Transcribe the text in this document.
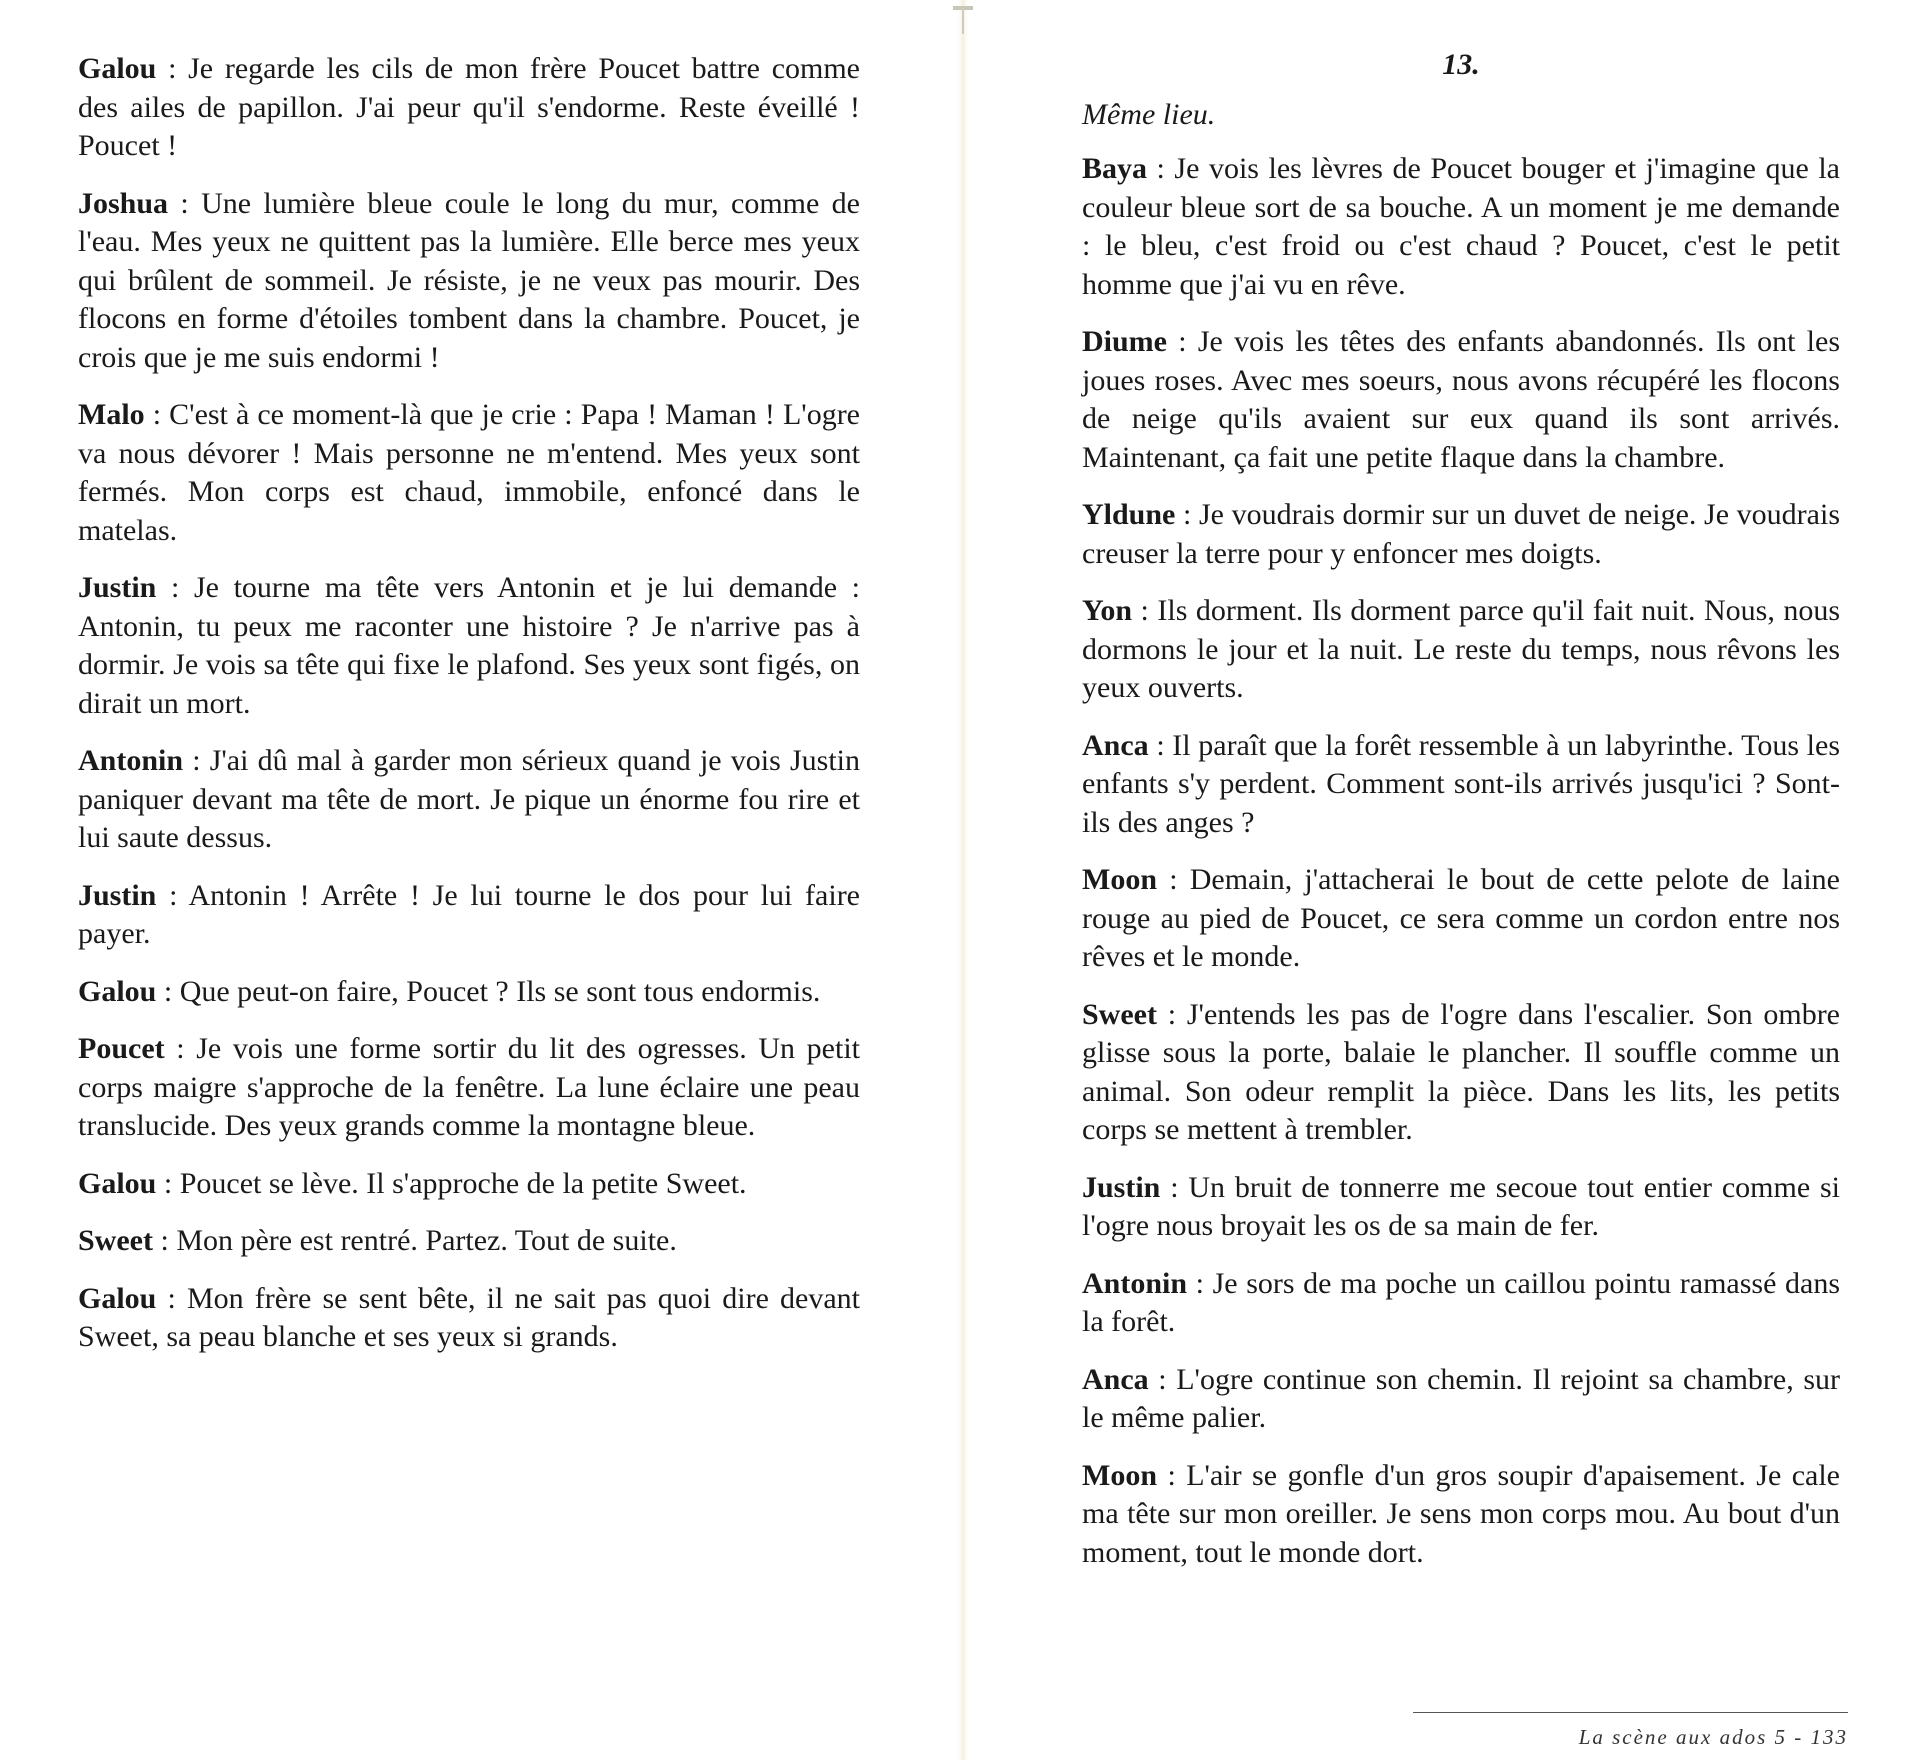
Galou : Je regarde les cils de mon frère Poucet battre comme des ailes de papillon. J'ai peur qu'il s'endorme. Reste éveillé ! Poucet !

Joshua : Une lumière bleue coule le long du mur, comme de l'eau. Mes yeux ne quittent pas la lumière. Elle berce mes yeux qui brûlent de sommeil. Je résiste, je ne veux pas mourir. Des flocons en forme d'étoiles tombent dans la chambre. Poucet, je crois que je me suis endormi !

Malo : C'est à ce moment-là que je crie : Papa ! Maman ! L'ogre va nous dévorer ! Mais personne ne m'entend. Mes yeux sont fermés. Mon corps est chaud, immobile, enfoncé dans le matelas.

Justin : Je tourne ma tête vers Antonin et je lui demande : Antonin, tu peux me raconter une histoire ? Je n'arrive pas à dormir. Je vois sa tête qui fixe le plafond. Ses yeux sont figés, on dirait un mort.

Antonin : J'ai dû mal à garder mon sérieux quand je vois Justin paniquer devant ma tête de mort. Je pique un énorme fou rire et lui saute dessus.

Justin : Antonin ! Arrête ! Je lui tourne le dos pour lui faire payer.

Galou : Que peut-on faire, Poucet ? Ils se sont tous endormis.

Poucet : Je vois une forme sortir du lit des ogresses. Un petit corps maigre s'approche de la fenêtre. La lune éclaire une peau translucide. Des yeux grands comme la montagne bleue.

Galou : Poucet se lève. Il s'approche de la petite Sweet.

Sweet : Mon père est rentré. Partez. Tout de suite.

Galou : Mon frère se sent bête, il ne sait pas quoi dire devant Sweet, sa peau blanche et ses yeux si grands.

13.
Même lieu.

Baya : Je vois les lèvres de Poucet bouger et j'imagine que la couleur bleue sort de sa bouche. A un moment je me demande : le bleu, c'est froid ou c'est chaud ? Poucet, c'est le petit homme que j'ai vu en rêve.

Diume : Je vois les têtes des enfants abandonnés. Ils ont les joues roses. Avec mes soeurs, nous avons récupéré les flocons de neige qu'ils avaient sur eux quand ils sont arrivés. Maintenant, ça fait une petite flaque dans la chambre.

Yldune : Je voudrais dormir sur un duvet de neige. Je voudrais creuser la terre pour y enfoncer mes doigts.

Yon : Ils dorment. Ils dorment parce qu'il fait nuit. Nous, nous dormons le jour et la nuit. Le reste du temps, nous rêvons les yeux ouverts.

Anca : Il paraît que la forêt ressemble à un labyrinthe. Tous les enfants s'y perdent. Comment sont-ils arrivés jusqu'ici ? Sont-ils des anges ?

Moon : Demain, j'attacherai le bout de cette pelote de laine rouge au pied de Poucet, ce sera comme un cordon entre nos rêves et le monde.

Sweet : J'entends les pas de l'ogre dans l'escalier. Son ombre glisse sous la porte, balaie le plancher. Il souffle comme un animal. Son odeur remplit la pièce. Dans les lits, les petits corps se mettent à trembler.

Justin : Un bruit de tonnerre me secoue tout entier comme si l'ogre nous broyait les os de sa main de fer.

Antonin : Je sors de ma poche un caillou pointu ramassé dans la forêt.

Anca : L'ogre continue son chemin. Il rejoint sa chambre, sur le même palier.

Moon : L'air se gonfle d'un gros soupir d'apaisement. Je cale ma tête sur mon oreiller. Je sens mon corps mou. Au bout d'un moment, tout le monde dort.

La scène aux ados 5 - 133
